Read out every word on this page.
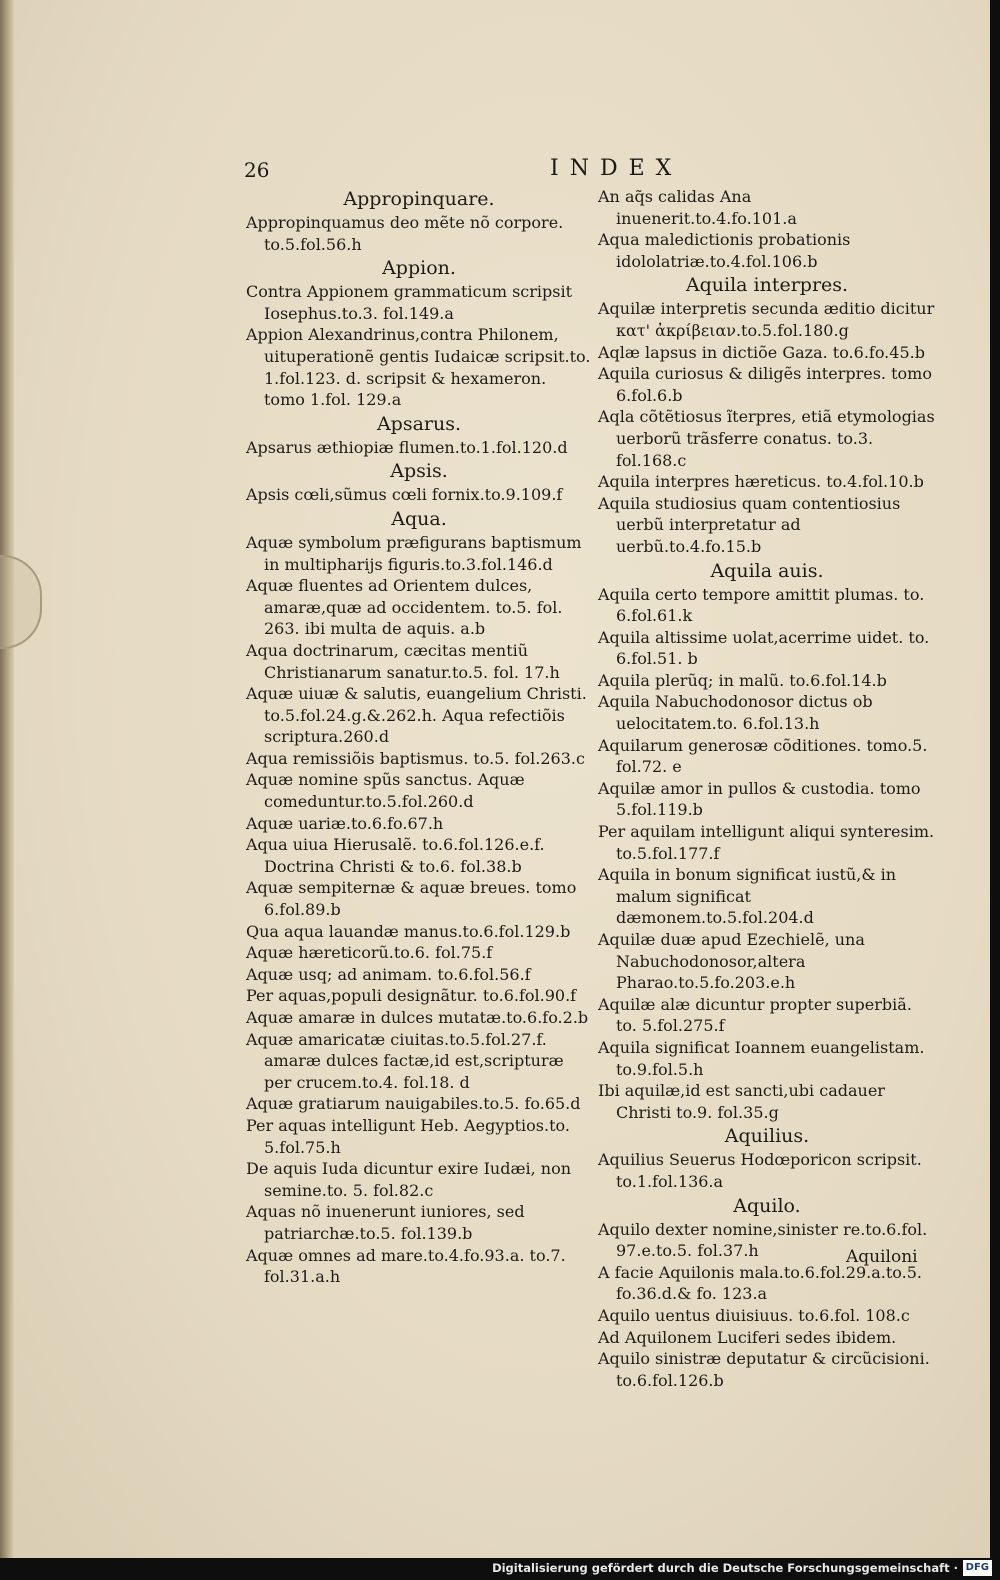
26	INDEX

Appropinquare.

Appropinquamus deo mẽte nõ corpore. to.5.fol.56.h

Appion.

Contra Appionem grammaticum scripsit Iosephus.to.3. fol.149.a

Appion Alexandrinus,contra Philonem, uituperationẽ gentis Iudaicæ scripsit.to. 1.fol.123. d. scripsit & hexameron. tomo 1.fol. 129.a

Apsarus.

Apsarus æthiopiæ flumen.to.1.fol.120.d

Apsis.

Apsis cœli,sũmus cœli fornix.to.9.109.f

Aqua.

Aquæ symbolum præfigurans baptismum in multipharijs figuris.to.3.fol.146.d

Aquæ fluentes ad Orientem dulces, amaræ,quæ ad occidentem. to.5. fol. 263. ibi multa de aquis. a.b

Aqua doctrinarum, cæcitas mentiũ Christianarum sanatur.to.5. fol. 17.h

Aquæ uiuæ & salutis, euangelium Christi. to.5.fol.24.g.&.262.h. Aqua refectiõis scriptura.260.d

Aqua remissiõis baptismus. to.5. fol.263.c

Aquæ nomine spũs sanctus. Aquæ comeduntur.to.5.fol.260.d

Aquæ uariæ.to.6.fo.67.h

Aqua uiua Hierusalẽ. to.6.fol.126.e.f. Doctrina Christi & to.6. fol.38.b

Aquæ sempiternæ & aquæ breues. tomo 6.fol.89.b

Qua aqua lauandæ manus.to.6.fol.129.b

Aquæ hæreticorũ.to.6. fol.75.f

Aquæ usq; ad animam. to.6.fol.56.f

Per aquas,populi designãtur. to.6.fol.90.f

Aquæ amaræ in dulces mutatæ.to.6.fo.2.b

Aquæ amaricatæ ciuitas.to.5.fol.27.f. amaræ dulces factæ,id est,scripturæ per crucem.to.4. fol.18. d

Aquæ gratiarum nauigabiles.to.5. fo.65.d

Per aquas intelligunt Heb. Aegyptios.to. 5.fol.75.h

De aquis Iuda dicuntur exire Iudæi, non semine.to. 5. fol.82.c

Aquas nõ inuenerunt iuniores, sed patriarchæ.to.5. fol.139.b

Aquæ omnes ad mare.to.4.fo.93.a. to.7. fol.31.a.h

An aq̃s calidas Ana inuenerit.to.4.fo.101.a

Aqua maledictionis probationis idololatriæ.to.4.fol.106.b

Aquila interpres.

Aquilæ interpretis secunda æditio dicitur κατ' ἀκρίβειαν.to.5.fol.180.g

Aqlæ lapsus in dictiõe Gaza. to.6.fo.45.b

Aquila curiosus & diligẽs interpres. tomo 6.fol.6.b

Aqla cõtẽtiosus ĩterpres, etiã etymologias uerborũ trãsferre conatus. to.3. fol.168.c

Aquila interpres hæreticus. to.4.fol.10.b

Aquila studiosius quam contentiosius uerbũ interpretatur ad uerbũ.to.4.fo.15.b

Aquila auis.

Aquila certo tempore amittit plumas. to. 6.fol.61.k

Aquila altissime uolat,acerrime uidet. to. 6.fol.51. b

Aquila plerũq; in malũ. to.6.fol.14.b

Aquila Nabuchodonosor dictus ob uelocitatem.to. 6.fol.13.h

Aquilarum generosæ cõditiones. tomo.5. fol.72. e

Aquilæ amor in pullos & custodia. tomo 5.fol.119.b

Per aquilam intelligunt aliqui synteresim. to.5.fol.177.f

Aquila in bonum significat iustũ,& in malum significat dæmonem.to.5.fol.204.d

Aquilæ duæ apud Ezechielẽ, una Nabuchodonosor,altera Pharao.to.5.fo.203.e.h

Aquilæ alæ dicuntur propter superbiã. to. 5.fol.275.f

Aquila significat Ioannem euangelistam. to.9.fol.5.h

Ibi aquilæ,id est sancti,ubi cadauer Christi to.9. fol.35.g

Aquilius.

Aquilius Seuerus Hodœporicon scripsit. to.1.fol.136.a

Aquilo.

Aquilo dexter nomine,sinister re.to.6.fol. 97.e.to.5. fol.37.h

A facie Aquilonis mala.to.6.fol.29.a.to.5. fo.36.d.& fo. 123.a

Aquilo uentus diuisiuus. to.6.fol. 108.c

Ad Aquilonem Luciferi sedes ibidem.

Aquilo sinistræ deputatur & circũcisioni. to.6.fol.126.b

Aquiloni
Digitalisierung gefördert durch die Deutsche Forschungsgemeinschaft · DFG
